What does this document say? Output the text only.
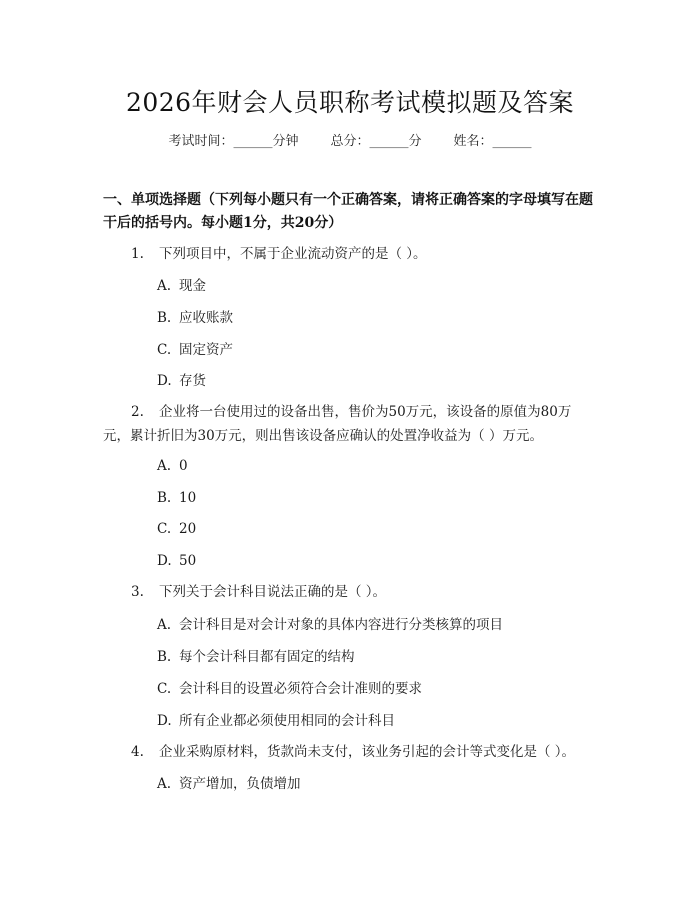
2026年财会人员职称考试模拟题及答案
考试时间：______分钟 总分：______分 姓名：______
一、单项选择题（下列每小题只有一个正确答案，请将正确答案的字母填写在题干后的括号内。每小题1分，共20分）
1. 下列项目中，不属于企业流动资产的是（ ）。
A. 现金
B. 应收账款
C. 固定资产
D. 存货
2. 企业将一台使用过的设备出售，售价为50万元，该设备的原值为80万元，累计折旧为30万元，则出售该设备应确认的处置净收益为（ ）万元。
A. 0
B. 10
C. 20
D. 50
3. 下列关于会计科目说法正确的是（ ）。
A. 会计科目是对会计对象的具体内容进行分类核算的项目
B. 每个会计科目都有固定的结构
C. 会计科目的设置必须符合会计准则的要求
D. 所有企业都必须使用相同的会计科目
4. 企业采购原材料，货款尚未支付，该业务引起的会计等式变化是（ ）。
A. 资产增加，负债增加
